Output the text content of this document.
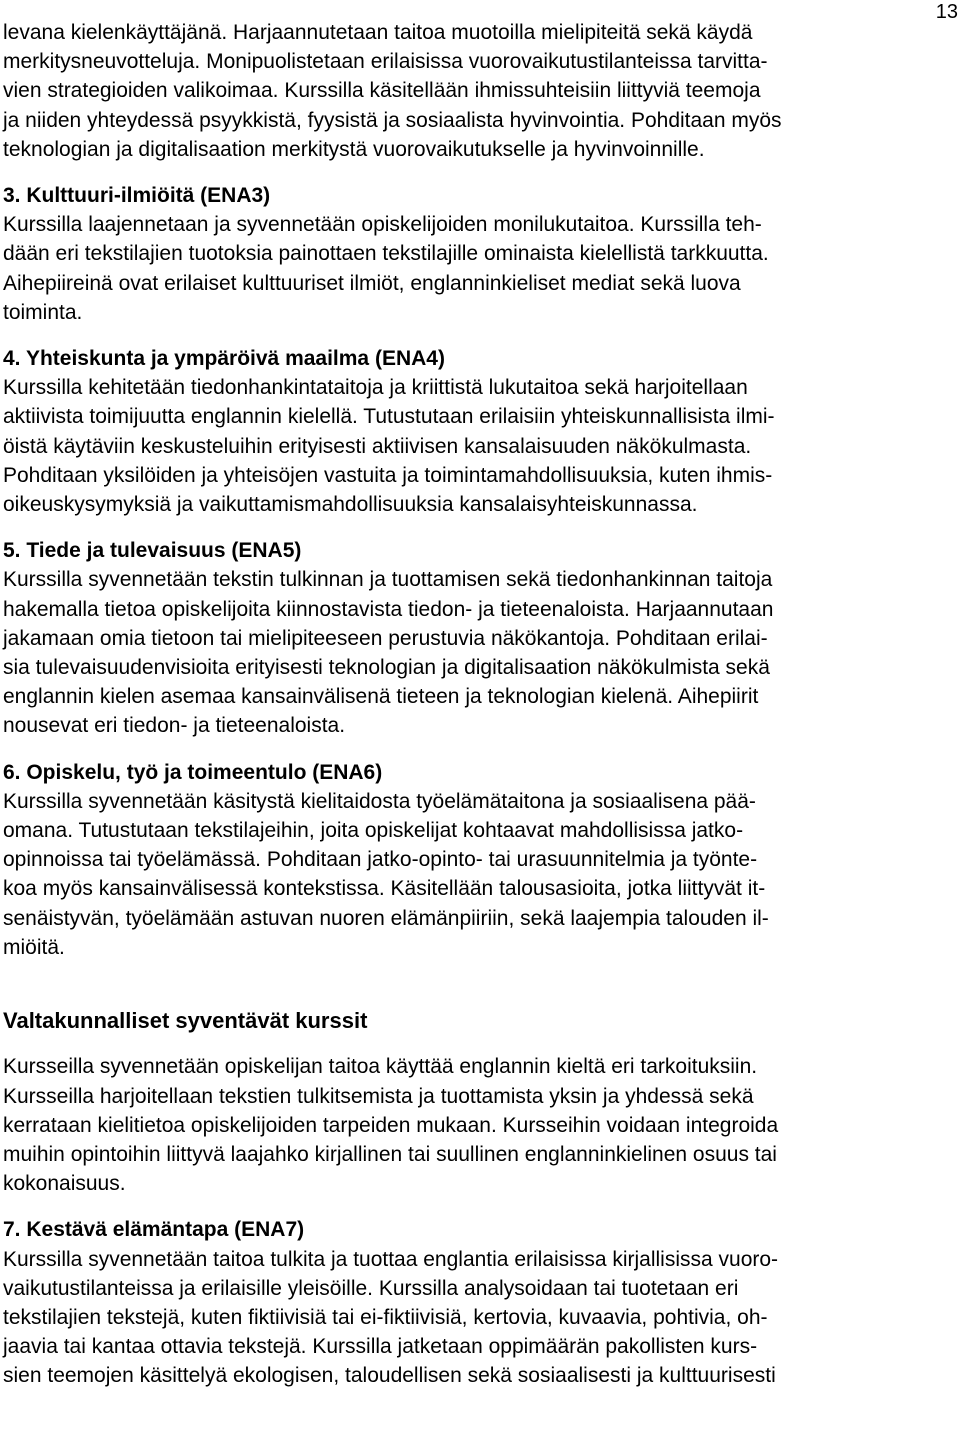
13
levana kielenkäyttäjänä. Harjaannutetaan taitoa muotoilla mielipiteitä sekä käydä
merkitysneuvotteluja. Monipuolistetaan erilaisissa vuorovaikutustilanteissa tarvitta-
vien strategioiden valikoimaa. Kurssilla käsitellään ihmissuhteisiin liittyviä teemoja
ja niiden yhteydessä psyykkistä, fyysistä ja sosiaalista hyvinvointia. Pohditaan myös
teknologian ja digitalisaation merkitystä vuorovaikutukselle ja hyvinvoinnille.
3. Kulttuuri-ilmiöitä (ENA3)
Kurssilla laajennetaan ja syvennetään opiskelijoiden monilukutaitoa. Kurssilla teh-
dään eri tekstilajien tuotoksia painottaen tekstilajille ominaista kielellistä tarkkuutta.
Aihepiireinä ovat erilaiset kulttuuriset ilmiöt, englanninkieliset mediat sekä luova
toiminta.
4. Yhteiskunta ja ympäröivä maailma (ENA4)
Kurssilla kehitetään tiedonhankintataitoja ja kriittistä lukutaitoa sekä harjoitellaan
aktiivista toimijuutta englannin kielellä. Tutustutaan erilaisiin yhteiskunnallisista ilmi-
öistä käytäviin keskusteluihin erityisesti aktiivisen kansalaisuuden näkökulmasta.
Pohditaan yksilöiden ja yhteisöjen vastuita ja toimintamahdollisuuksia, kuten ihmis-
oikeuskysymyksiä ja vaikuttamismahdollisuuksia kansalaisyhteiskunnassa.
5. Tiede ja tulevaisuus (ENA5)
Kurssilla syvennetään tekstin tulkinnan ja tuottamisen sekä tiedonhankinnan taitoja
hakemalla tietoa opiskelijoita kiinnostavista tiedon- ja tieteenaloista. Harjaannutaan
jakamaan omia tietoon tai mielipiteeseen perustuvia näkökantoja. Pohditaan erilai-
sia tulevaisuudenvisioita erityisesti teknologian ja digitalisaation näkökulmista sekä
englannin kielen asemaa kansainvälisenä tieteen ja teknologian kielenä. Aihepiirit
nousevat eri tiedon- ja tieteenaloista.
6. Opiskelu, työ ja toimeentulo (ENA6)
Kurssilla syvennetään käsitystä kielitaidosta työelämätaitona ja sosiaalisena pää-
omana. Tutustutaan tekstilajeihin, joita opiskelijat kohtaavat mahdollisissa jatko-
opinnoissa tai työelämässä. Pohditaan jatko-opinto- tai urasuunnitelmia ja työnte-
koa myös kansainvälisessä kontekstissa. Käsitellään talousasioita, jotka liittyvät it-
senäistyvän, työelämään astuvan nuoren elämänpiiriin, sekä laajempia talouden il-
miöitä.
Valtakunnalliset syventävät kurssit
Kursseilla syvennetään opiskelijan taitoa käyttää englannin kieltä eri tarkoituksiin.
Kursseilla harjoitellaan tekstien tulkitsemista ja tuottamista yksin ja yhdessä sekä
kerrataan kielitietoa opiskelijoiden tarpeiden mukaan. Kursseihin voidaan integroida
muihin opintoihin liittyvä laajahko kirjallinen tai suullinen englanninkielinen osuus tai
kokonaisuus.
7. Kestävä elämäntapa (ENA7)
Kurssilla syvennetään taitoa tulkita ja tuottaa englantia erilaisissa kirjallisissa vuoro-
vaikutustilanteissa ja erilaisille yleisöille. Kurssilla analysoidaan tai tuotetaan eri
tekstilajien tekstejä, kuten fiktiivisiä tai ei-fiktiivisiä, kertovia, kuvaavia, pohtivia, oh-
jaavia tai kantaa ottavia tekstejä. Kurssilla jatketaan oppimäärän pakollisten kurs-
sien teemojen käsittelyä ekologisen, taloudellisen sekä sosiaalisesti ja kulttuurisesti
